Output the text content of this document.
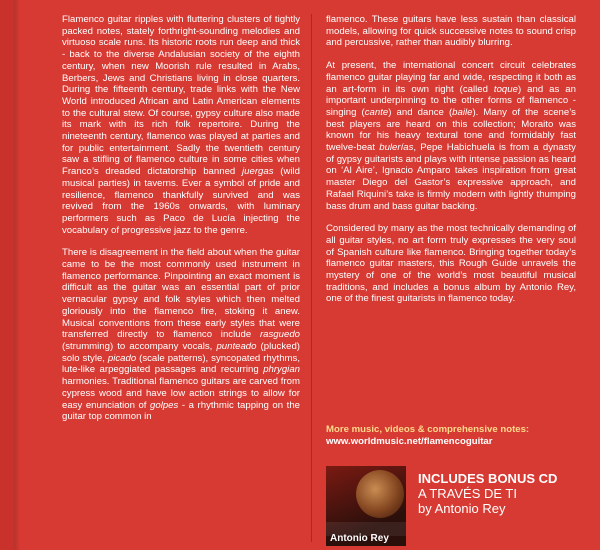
Flamenco guitar ripples with fluttering clusters of tightly packed notes, stately forthright-sounding melodies and virtuoso scale runs. Its historic roots run deep and thick - back to the diverse Andalusian society of the eighth century, when new Moorish rule resulted in Arabs, Berbers, Jews and Christians living in close quarters. During the fifteenth century, trade links with the New World introduced African and Latin American elements to the cultural stew. Of course, gypsy culture also made its mark with its rich folk repertoire. During the nineteenth century, flamenco was played at parties and for public entertainment. Sadly the twentieth century saw a stifling of flamenco culture in some cities when Franco’s dreaded dictatorship banned juergas (wild musical parties) in taverns. Ever a symbol of pride and resilience, flamenco thankfully survived and was revived from the 1960s onwards, with luminary performers such as Paco de Lucía injecting the vocabulary of progressive jazz to the genre.

There is disagreement in the field about when the guitar came to be the most commonly used instrument in flamenco performance. Pinpointing an exact moment is difficult as the guitar was an essential part of prior vernacular gypsy and folk styles which then melted gloriously into the flamenco fire, stoking it anew. Musical conventions from these early styles that were transferred directly to flamenco include rasguedo (strumming) to accompany vocals, punteado (plucked) solo style, picado (scale patterns), syncopated rhythms, lute-like arpeggiated passages and recurring phrygian harmonies. Traditional flamenco guitars are carved from cypress wood and have low action strings to allow for easy enunciation of golpes - a rhythmic tapping on the guitar top common in

flamenco. These guitars have less sustain than classical models, allowing for quick successive notes to sound crisp and percussive, rather than audibly blurring.

At present, the international concert circuit celebrates flamenco guitar playing far and wide, respecting it both as an art-form in its own right (called toque) and as an important underpinning to the other forms of flamenco - singing (cante) and dance (baile). Many of the scene’s best players are heard on this collection; Moraito was known for his heavy textural tone and formidably fast twelve-beat bulerías, Pepe Habichuela is from a dynasty of gypsy guitarists and plays with intense passion as heard on ‘Al Aire’, Ignacio Amparo takes inspiration from great master Diego del Gastor’s expressive approach, and Rafael Riquini’s take is firmly modern with lightly thumping bass drum and bass guitar backing.

Considered by many as the most technically demanding of all guitar styles, no art form truly expresses the very soul of Spanish culture like flamenco. Bringing together today’s flamenco guitar masters, this Rough Guide unravels the mystery of one of the world’s most beautiful musical traditions, and includes a bonus album by Antonio Rey, one of the finest guitarists in flamenco today.

More music, videos & comprehensive notes:
www.worldmusic.net/flamencoguitar
Antonio Rey
INCLUDES BONUS CD
A TRAVÉS DE TI
by Antonio Rey
